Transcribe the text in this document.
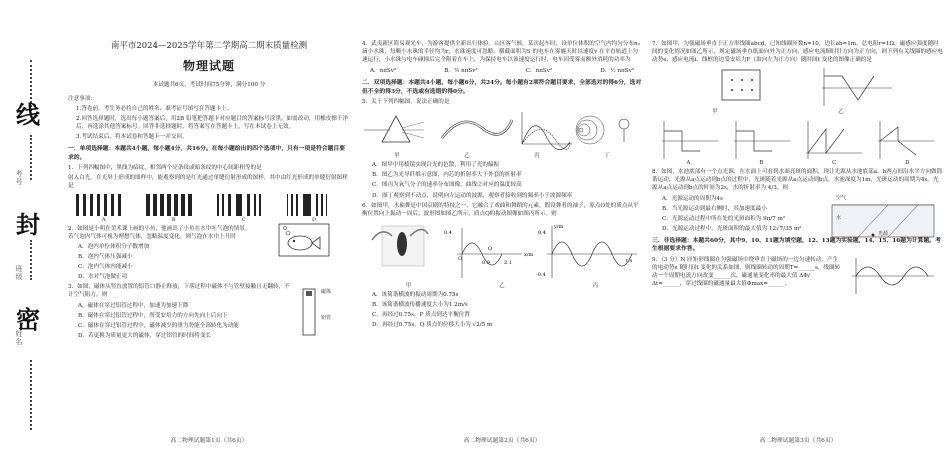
线
考号
封
班级
密
姓名
南平市2024—2025学年第二学期高二期末质量检测
物理试题
本试题共6页，考试时间75分钟，满分100 分

注意事项：

1.答卷前，考生务必将自己的姓名、准考证号填写在答题卡上。

2.回答选择题时，选出每小题答案后，用2B 铅笔把答题卡对应题目的答案标号涂黑。如需改动，用橡皮擦干净后，再选涂其他答案标号。回答非选择题时，将答案写在答题卡上，写在本试卷上无效。

3.考试结束后，将本试卷和答题卡一并交回。

一．单项选择题：本题共4小题，每小题4分，共16分。在每小题给出的四个选项中，只有一项是符合题目要求的。

1．下列四幅图中，黑线为暗纹，相邻两个亮条纹或暗条纹的中心间距相等的是

射入白光。在光屏上形成的图样中，能观察到的是红光通过单缝衍射形成的图样。其中由红光形成的单缝衍射图样是

A	B	C	D

2．如图是小明在美术课上画的小鱼，他画出了小鱼在水中吐气泡的情景。若气泡内气体可视为理想气体，忽略温度变化，则气泡在水中上升时

A．泡内单位体积分子数增加

B．泡内气体压强减小

C．泡内气体内能减小

D．水对气泡做正功

3．如图，磁体从竖直放置的铝管口静止释放，下落过程中磁体不与管壁接触且无翻转，不计空气阻力，则

A．磁体在穿过铝管过程中，加速为加速下降

B．磁体在穿过铝管过程中，所受安培力的方向先向上后向下

C．磁体在穿过铝管过程中，磁体减少的重力势能全部转化为动能

D．若更换为质量更大的磁体，穿过铝管的时间将变长

磁体
铝管
高二物理试题第1页（共6页）

4．武夷新区简易观光车，为游客提供全新出行体验。山区客气候，某次起车时，设单位体积的空气内均匀分布n₀ 滴小水珠，每颗小水珠的半径均为r，水珠速度可忽略。横截面积为S 的电车在雾霾天时以速度v 在平直轨道上匀速运行，小水珠与电车碰撞后完全附着在车上，为保持电车以该速度运行时，电车因受雾而额外消耗的功率为

A．nπSv³	B．½ nπSv³	C．nπSv²	D．½ nπSv²
二．双项选择题：本题共4小题，每小题6分，共24分。每小题有2项符合题目要求，全部选对的得6分，选对但不全的得3分，不选或有选错的得0分。

5．关于下列四幅图，说法正确的是

甲	乙	丙	丁

A．图甲中用棱镜实现白光的色散，利用了光的偏振

B．图乙为光导纤维示意图，内芯的折射率大于外套的折射率

C．图丙为氧气分子的速率分布图像，曲线②对应的温度较高

D．图丁观察到不动点，说明向左运动的波源，观察者接收到的频率小于波源频率

6．如图甲，水袖舞是中国京剧的特技之一，它融合了戏曲和舞蹈的元素。假设舞者的袖子，原点O处的质点从平衡位置向上振动一周后，波形图如图乙所示，质点Q的振动图像如图丙所示。则

0.4
O
Q
0.9	2.1
x/m
y/m
0.4
-0.4
t/s
甲	乙	丙

A．该简谐横波的振动周期为0.75s

B．该简谐横波传播速度大小为1.2m/s

C．再经过0.75s，P 质点到达平衡位置

D．再经过0.75s，Q 质点的位移大小为 √2/5 m

高二物理试题第2页（共6页）

7．如图甲，匀强磁场垂直于正方形线圈abcd，已知线圈匝数n=10，边长ab=1m，总电阻r=1Ω，磁感应强度随时间的变化情况如图乙所示，规定磁场垂直纸面向外为正方向，感应电流顺时针方向为正方向，则下列有关线圈的感应电动势e、感应电流i、线框的边受安培力F（取向左为正方向）随时间t 变化的图像正确的是

甲	乙
A	B	C	D

8．如图，水池底部有一个点光源，在水面上可看到水面亮斑的面积，现让光源从水池底部a、b两点间沿水平方向做简谐运动，光源从a点运动到b点的过程中，光斑随着光源从a点运动到b点，水池深度为1m，光斑运动的周期为4s。光源从a点运动到b点的时间为2s，水的折射率为 4/3，则

A．光源运动的周期为4s

B．当光源运动到最右侧时，其加速度最小

C．光源运动过程中所在处的光斑面积为 9π/7 m²

D．光源运动过程中，光斑面积的最大值为 12√7/35 m²

空气
水
光源
三．非选择题：本题共60分，其中9、10、11题为填空题，12、13题为实验题，14、15、16题为计算题。考生根据要求作答。

9．（3 分）N 匝矩形线圈在匀强磁场中绕垂直于磁场的一边匀速转动，产生的电动势e 随时间t 变化的关系如图，则线圈转动的周期T=______s，线圈转动一个周期电流方向改变______次，磁通量变化率的最大值 ΔΦ/Δt=______，穿过线圈的磁通量最大值Φmax=______。

高二物理试题第3页（共6页）
